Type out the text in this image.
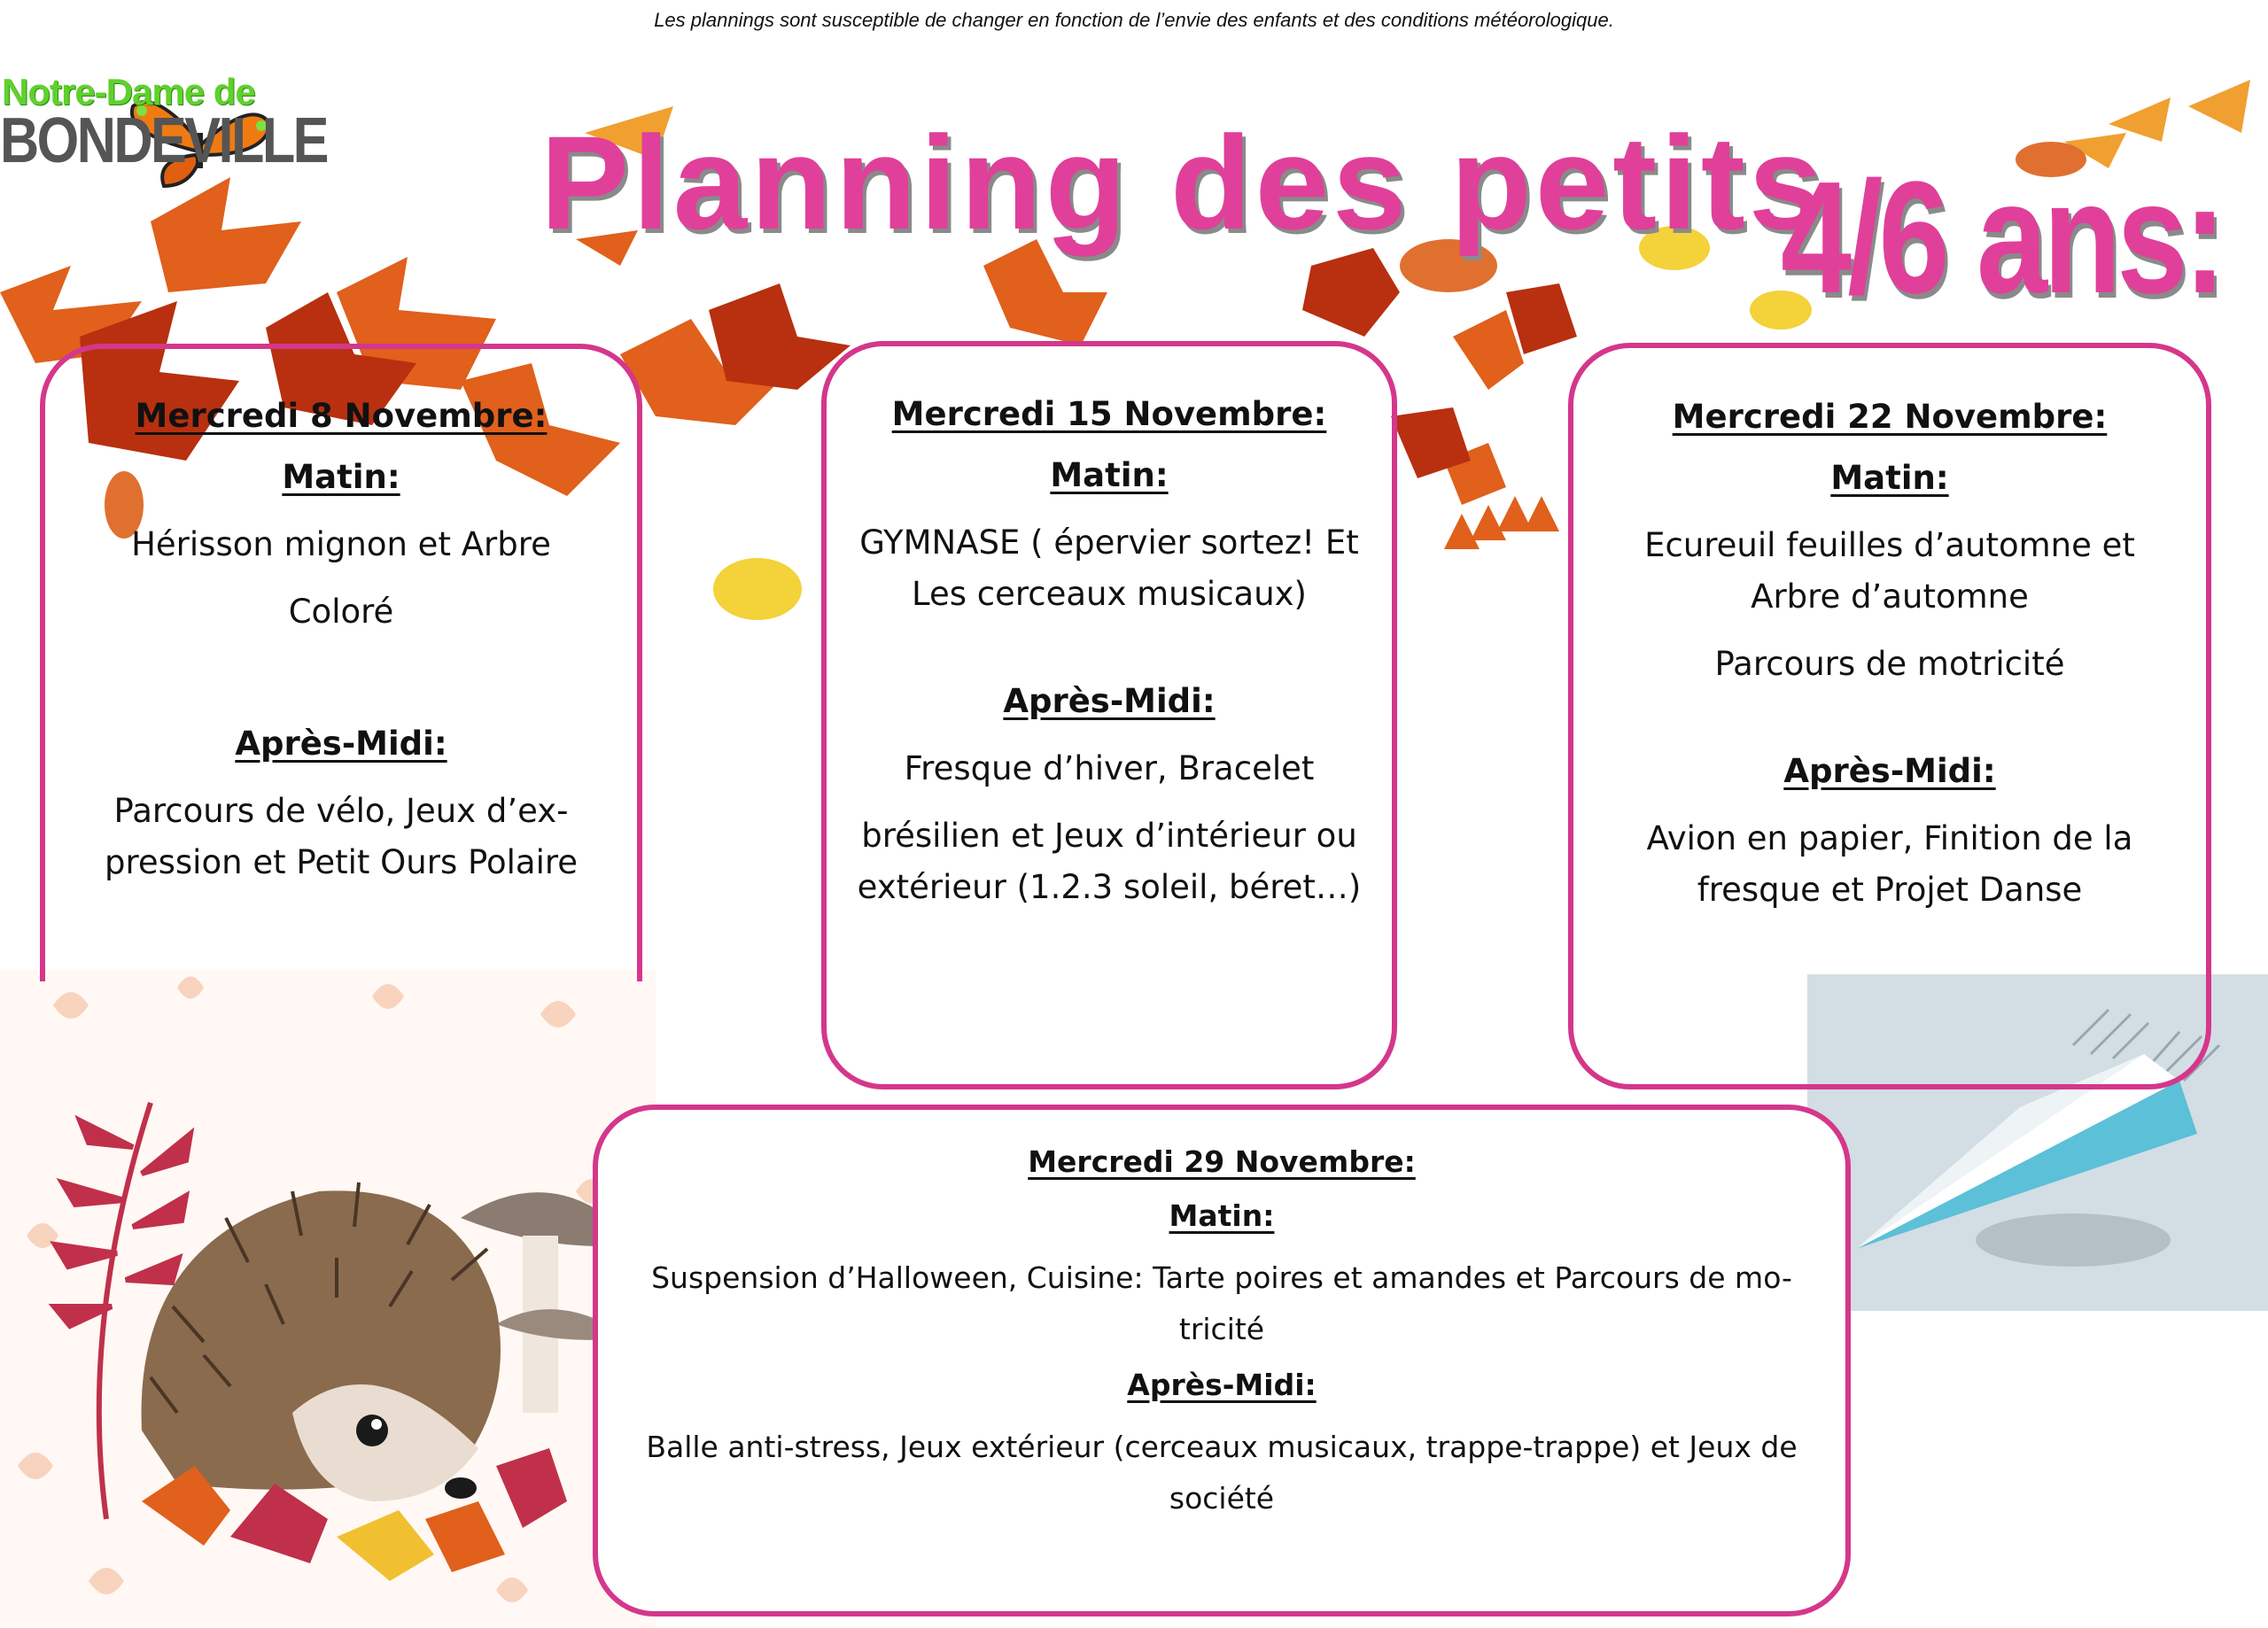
Notre-Dame de
BONDEVILLE
Les plannings sont susceptible de changer en fonction de l’envie des enfants et des conditions météorologique.
Planning des petits
4/6 ans:

Mercredi 8 Novembre:

Matin:

Hérisson mignon et Arbre

Coloré

Après-Midi:

Parcours de vélo, Jeux d’ex-

pression et Petit Ours Polaire

Mercredi 15 Novembre:

Matin:

GYMNASE ( épervier sortez! Et

Les cerceaux musicaux)

Après-Midi:

Fresque d’hiver, Bracelet

brésilien et Jeux d’intérieur ou

extérieur (1.2.3 soleil, béret…)

Mercredi 22 Novembre:

Matin:

Ecureuil feuilles d’automne et

Arbre d’automne

Parcours de motricité

Après-Midi:

Avion en papier, Finition de la

fresque et Projet Danse

Mercredi 29 Novembre:

Matin:

Suspension d’Halloween, Cuisine: Tarte poires et amandes et Parcours de mo-

tricité

Après-Midi:

Balle anti-stress, Jeux extérieur (cerceaux musicaux, trappe-trappe) et Jeux de

société
